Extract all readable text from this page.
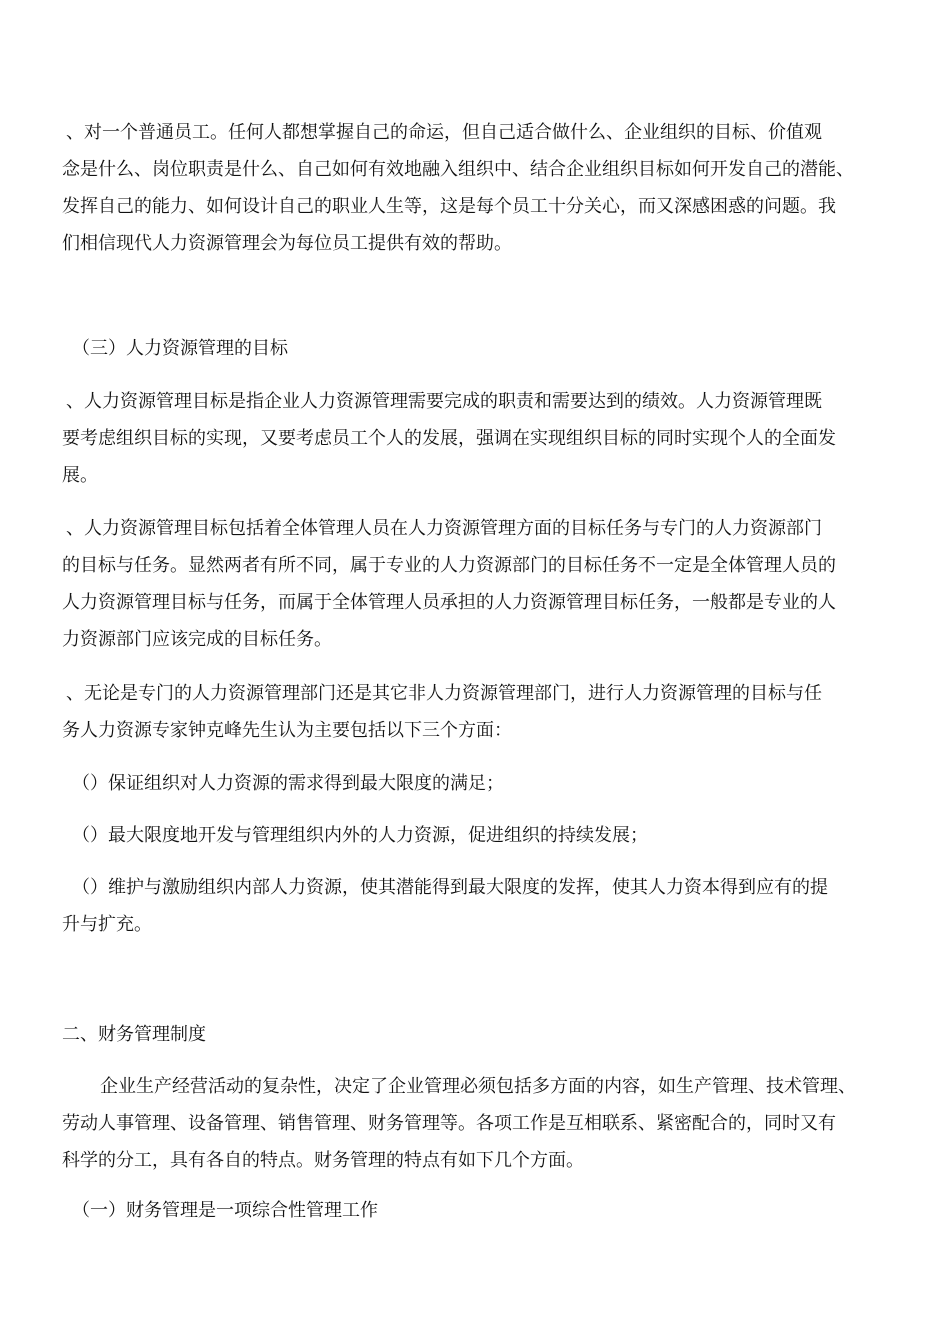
、对一个普通员工。任何人都想掌握自己的命运，但自己适合做什么、企业组织的目标、价值观
念是什么、岗位职责是什么、自己如何有效地融入组织中、结合企业组织目标如何开发自己的潜能、
发挥自己的能力、如何设计自己的职业人生等，这是每个员工十分关心，而又深感困惑的问题。我
们相信现代人力资源管理会为每位员工提供有效的帮助。
（三）人力资源管理的目标
、人力资源管理目标是指企业人力资源管理需要完成的职责和需要达到的绩效。人力资源管理既
要考虑组织目标的实现，又要考虑员工个人的发展，强调在实现组织目标的同时实现个人的全面发
展。
、人力资源管理目标包括着全体管理人员在人力资源管理方面的目标任务与专门的人力资源部门
的目标与任务。显然两者有所不同，属于专业的人力资源部门的目标任务不一定是全体管理人员的
人力资源管理目标与任务，而属于全体管理人员承担的人力资源管理目标任务，一般都是专业的人
力资源部门应该完成的目标任务。
、无论是专门的人力资源管理部门还是其它非人力资源管理部门，进行人力资源管理的目标与任
务人力资源专家钟克峰先生认为主要包括以下三个方面：
（）保证组织对人力资源的需求得到最大限度的满足；
（）最大限度地开发与管理组织内外的人力资源，促进组织的持续发展；
（）维护与激励组织内部人力资源，使其潜能得到最大限度的发挥，使其人力资本得到应有的提
升与扩充。
二、财务管理制度
企业生产经营活动的复杂性，决定了企业管理必须包括多方面的内容，如生产管理、技术管理、
劳动人事管理、设备管理、销售管理、财务管理等。各项工作是互相联系、紧密配合的，同时又有
科学的分工，具有各自的特点。财务管理的特点有如下几个方面。
（一）财务管理是一项综合性管理工作
